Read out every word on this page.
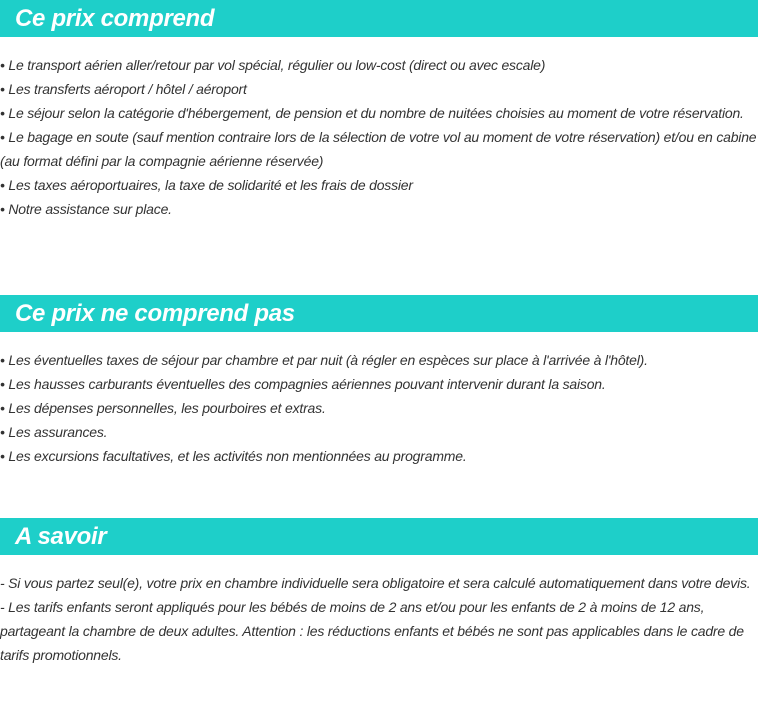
Ce prix comprend
• Le transport aérien aller/retour par vol spécial, régulier ou low-cost (direct ou avec escale)
• Les transferts aéroport / hôtel / aéroport
• Le séjour selon la catégorie d'hébergement, de pension et du nombre de nuitées choisies au moment de votre réservation.
• Le bagage en soute (sauf mention contraire lors de la sélection de votre vol au moment de votre réservation) et/ou en cabine (au format défini par la compagnie aérienne réservée)
• Les taxes aéroportuaires, la taxe de solidarité et les frais de dossier
• Notre assistance sur place.
Ce prix ne comprend pas
• Les éventuelles taxes de séjour par chambre et par nuit (à régler en espèces sur place à l'arrivée à l'hôtel).
• Les hausses carburants éventuelles des compagnies aériennes pouvant intervenir durant la saison.
• Les dépenses personnelles, les pourboires et extras.
• Les assurances.
• Les excursions facultatives, et les activités non mentionnées au programme.
A savoir
- Si vous partez seul(e), votre prix en chambre individuelle sera obligatoire et sera calculé automatiquement dans votre devis.
- Les tarifs enfants seront appliqués pour les bébés de moins de 2 ans et/ou pour les enfants de 2 à moins de 12 ans, partageant la chambre de deux adultes. Attention : les réductions enfants et bébés ne sont pas applicables dans le cadre de tarifs promotionnels.
